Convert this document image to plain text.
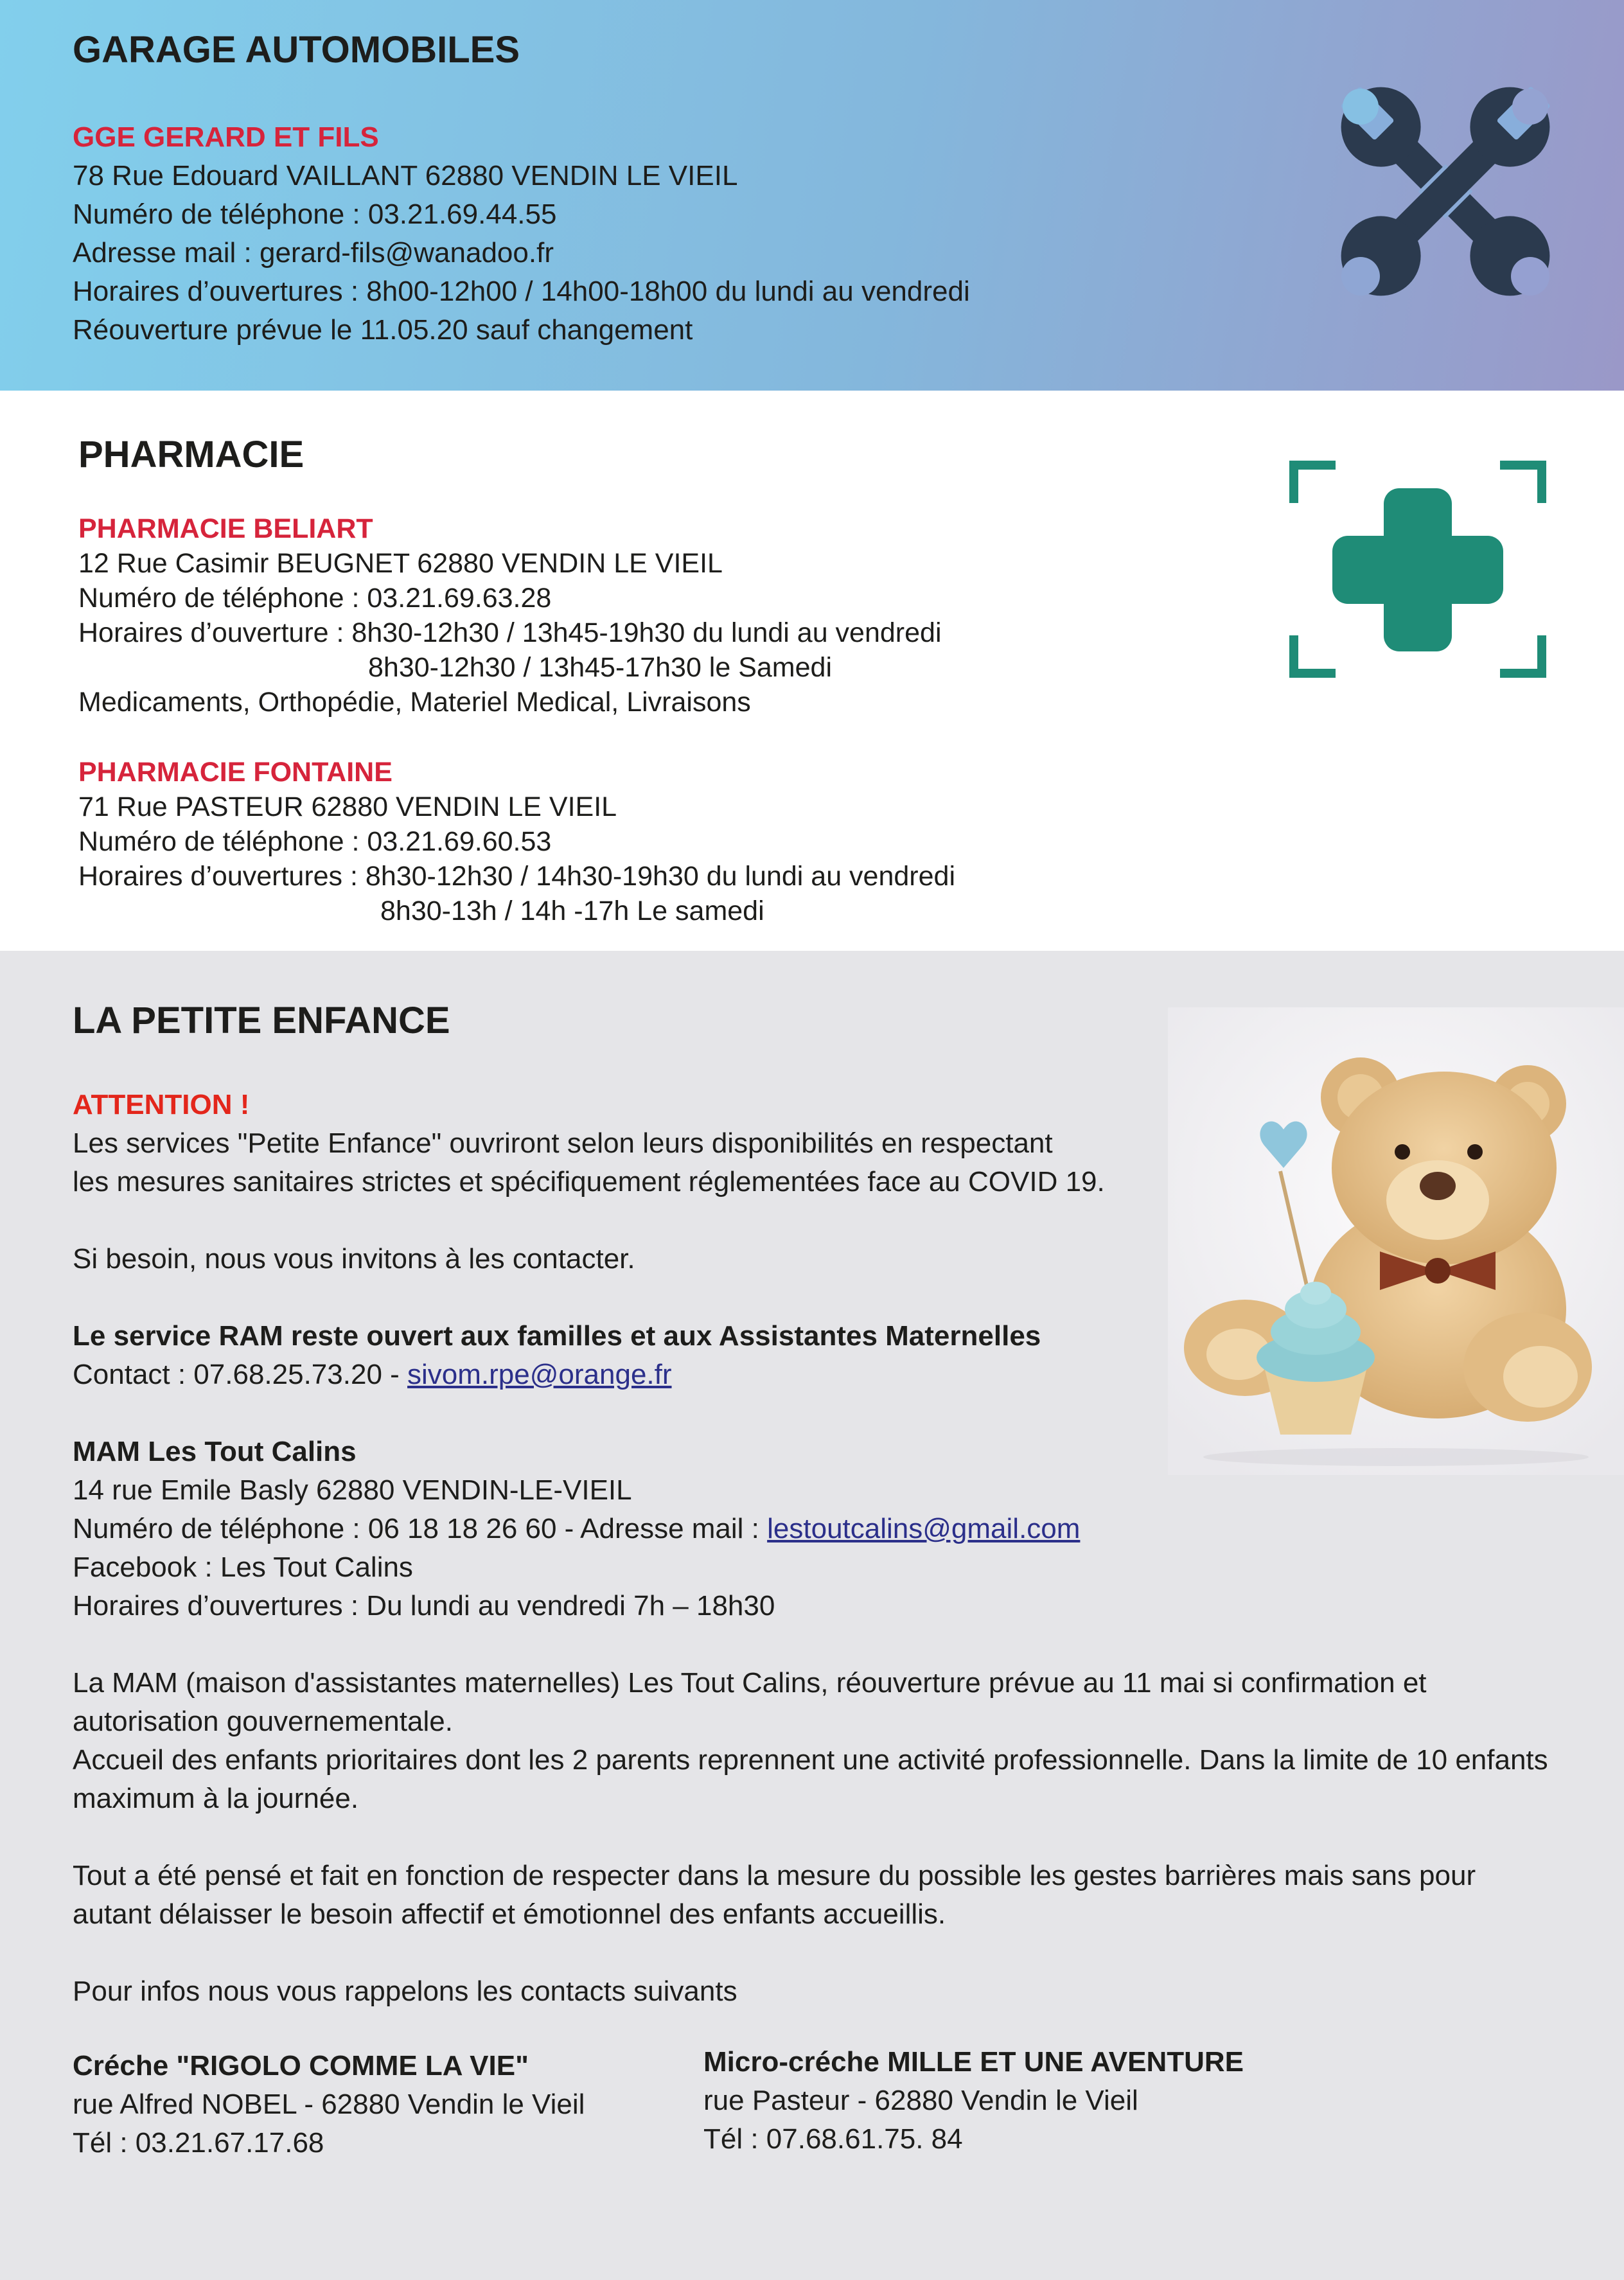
GARAGE AUTOMOBILES
GGE GERARD ET FILS
78 Rue Edouard VAILLANT 62880 VENDIN LE VIEIL
Numéro de téléphone : 03.21.69.44.55
Adresse mail : gerard-fils@wanadoo.fr
Horaires d’ouvertures : 8h00-12h00 / 14h00-18h00 du lundi au vendredi
Réouverture prévue le 11.05.20 sauf changement
PHARMACIE
PHARMACIE BELIART
12 Rue Casimir BEUGNET 62880 VENDIN LE VIEIL
Numéro de téléphone : 03.21.69.63.28
Horaires d’ouverture : 8h30-12h30 / 13h45-19h30 du lundi au vendredi
8h30-12h30 / 13h45-17h30 le Samedi
Medicaments, Orthopédie, Materiel Medical, Livraisons
PHARMACIE FONTAINE
71 Rue PASTEUR 62880 VENDIN LE VIEIL
Numéro de téléphone : 03.21.69.60.53
Horaires d’ouvertures : 8h30-12h30 / 14h30-19h30 du lundi au vendredi
8h30-13h / 14h -17h Le samedi
LA PETITE ENFANCE
ATTENTION !
Les services "Petite Enfance" ouvriront selon leurs disponibilités en respectant
les mesures sanitaires strictes et spécifiquement réglementées face au COVID 19.
Si besoin, nous vous invitons à les contacter.
Le service RAM reste ouvert aux familles et aux Assistantes Maternelles
Contact : 07.68.25.73.20 - sivom.rpe@orange.fr
MAM Les Tout Calins
14 rue Emile Basly 62880 VENDIN-LE-VIEIL
Numéro de téléphone : 06 18 18 26 60 - Adresse mail : lestoutcalins@gmail.com
Facebook : Les Tout Calins
Horaires d’ouvertures : Du lundi au vendredi 7h – 18h30
La MAM (maison d'assistantes maternelles) Les Tout Calins, réouverture prévue au 11 mai si confirmation et autorisation gouvernementale.
Accueil des enfants prioritaires dont les 2 parents reprennent une activité professionnelle. Dans la limite de 10 enfants maximum à la journée.
Tout a été pensé et fait en fonction de respecter dans la mesure du possible les gestes barrières mais sans pour autant délaisser le besoin affectif et émotionnel des enfants accueillis.
Pour infos nous vous rappelons les contacts suivants
Créche "RIGOLO COMME LA VIE"
rue Alfred NOBEL - 62880 Vendin le Vieil
Tél : 03.21.67.17.68
Micro-créche MILLE ET UNE AVENTURE
rue Pasteur - 62880 Vendin le Vieil
Tél : 07.68.61.75. 84
